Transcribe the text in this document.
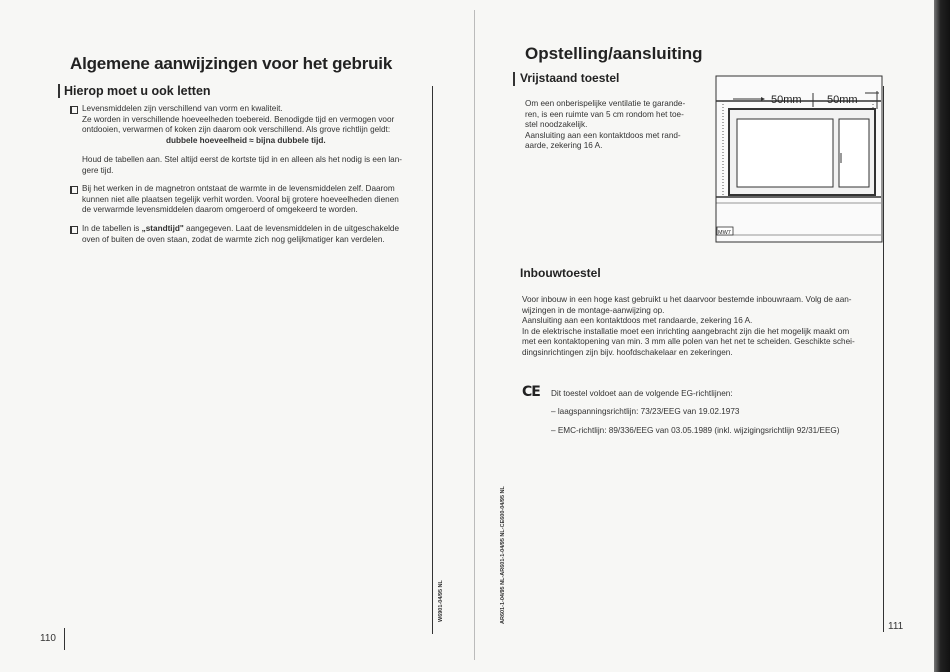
Algemene aanwijzingen voor het gebruik
Hierop moet u ook letten
Levensmiddelen zijn verschillend van vorm en kwaliteit.
Ze worden in verschillende hoeveelheden toebereid. Benodigde tijd en vermogen voor
ontdooien, verwarmen of koken zijn daarom ook verschillend. Als grove richtlijn geldt:
dubbele hoeveelheid ≈ bijna dubbele tijd.
Houd de tabellen aan. Stel altijd eerst de kortste tijd in en alleen als het nodig is een lan-
gere tijd.
Bij het werken in de magnetron ontstaat de warmte in de levensmiddelen zelf. Daarom
kunnen niet alle plaatsen tegelijk verhit worden. Vooral bij grotere hoeveelheden dienen
de verwarmde levensmiddelen daarom omgeroerd of omgekeerd te worden.
In de tabellen is „standtijd" aangegeven. Laat de levensmiddelen in de uitgeschakelde
oven of buiten de oven staan, zodat de warmte zich nog gelijkmatiger kan verdelen.
W6901-04/95 NL
110
Opstelling/aansluiting
Vrijstaand toestel
Om een onberispelijke ventilatie te garande-
ren, is een ruimte van 5 cm rondom het toe-
stel noodzakelijk.
Aansluiting aan een kontaktdoos met rand-
aarde, zekering 16 A.
50mm 50mm
MW7
Inbouwtoestel
Voor inbouw in een hoge kast gebruikt u het daarvoor bestemde inbouwraam. Volg de aan-
wijzingen in de montage-aanwijzing op.
Aansluiting aan een kontaktdoos met randaarde, zekering 16 A.
In de elektrische installatie moet een inrichting aangebracht zijn die het mogelijk maakt om
met een kontaktopening van min. 3 mm alle polen van het net te scheiden. Geschikte schei-
dingsinrichtingen zijn bijv. hoofdschakelaar en zekeringen.
CE Dit toestel voldoet aan de volgende EG-richtlijnen:
– laagspanningsrichtlijn: 73/23/EEG van 19.02.1973
– EMC-richtlijn: 89/336/EEG van 03.05.1989 (inkl. wijzigingsrichtlijn 92/31/EEG)
AR601-1-04/95 NL-AR601-1-04/95 NL-CE600-04/95 NL
111
